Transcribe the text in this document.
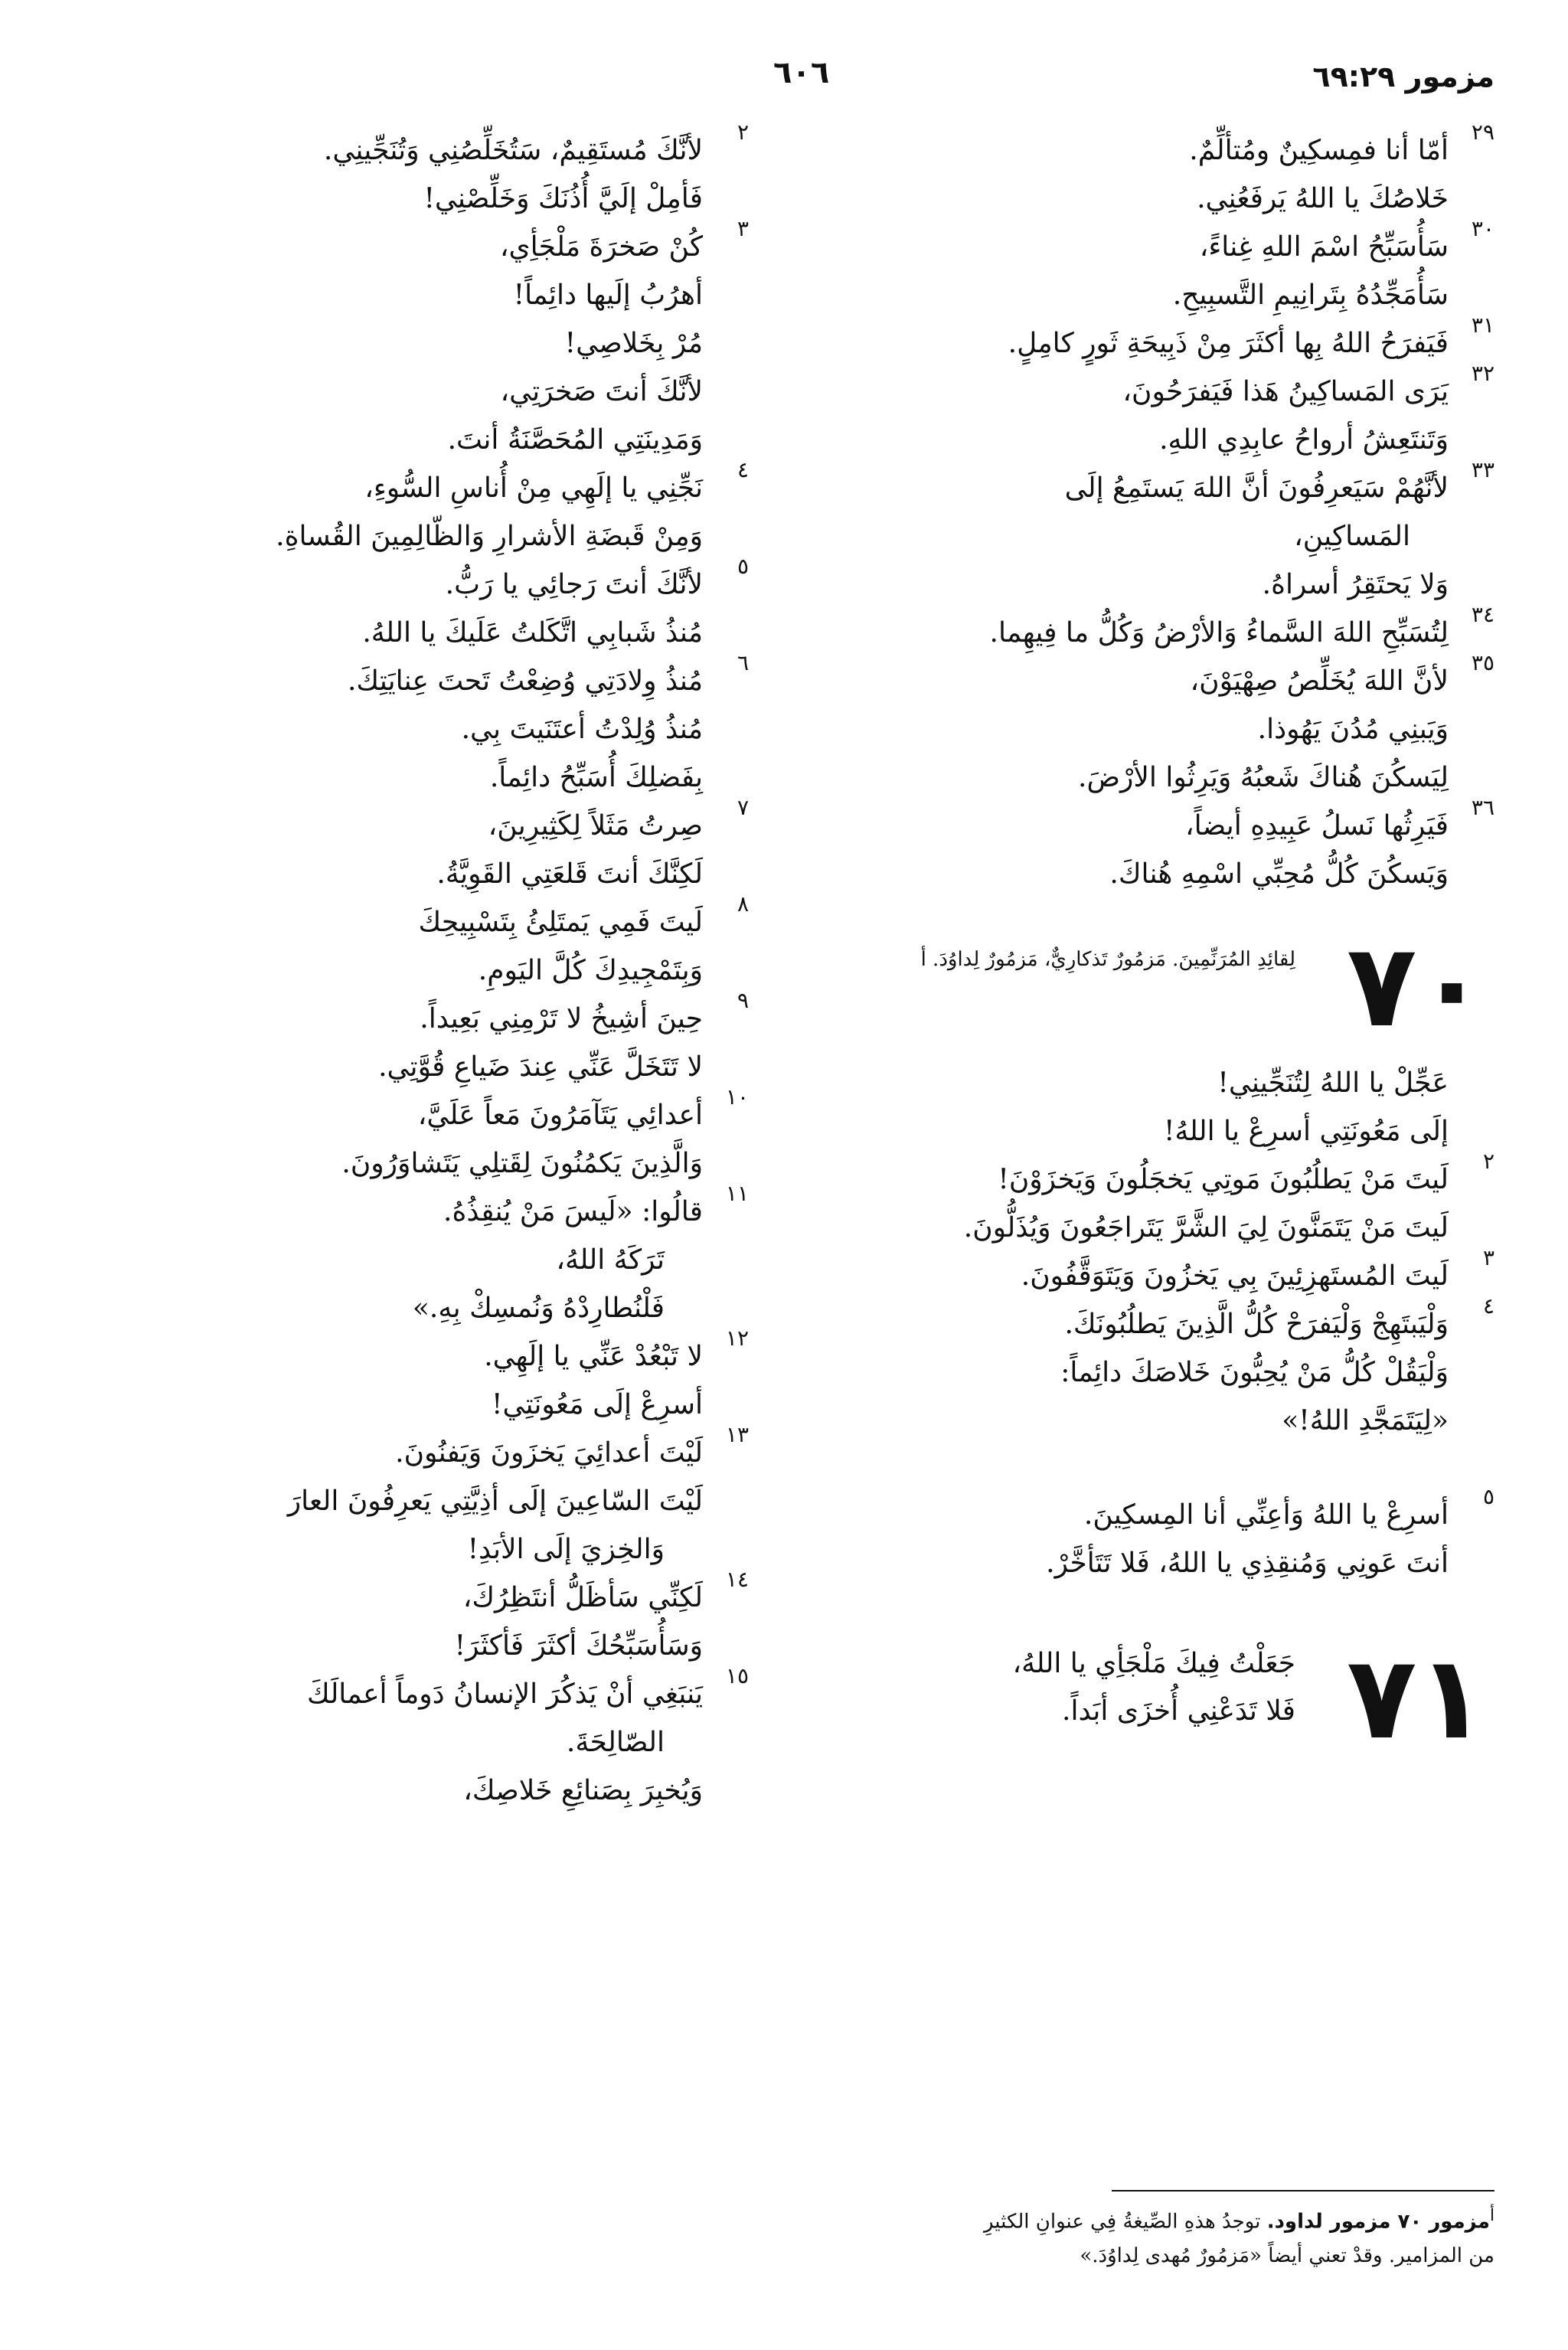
مزمور ٦٩:٢٩
٦٠٦
٢٩
أمّا أنا فمِسكِينٌ ومُتألِّمٌ.
خَلاصُكَ يا اللهُ يَرفَعُنِي.
٣٠
سَأُسَبِّحُ اسْمَ اللهِ غِناءً،
سَأُمَجِّدُهُ بِتَرانِيمِ التَّسبِيحِ.
٣١
فَيَفرَحُ اللهُ بِها أكثَرَ مِنْ ذَبِيحَةِ ثَورٍ كامِلٍ.
٣٢
يَرَى المَساكِينُ هَذا فَيَفرَحُونَ،
وَتَنتَعِشُ أرواحُ عابِدِي اللهِ.
٣٣
لأنَّهُمْ سَيَعرِفُونَ أنَّ اللهَ يَستَمِعُ إلَى
المَساكِينِ،
وَلا يَحتَقِرُ أسراهُ.
٣٤
لِتُسَبِّحِ اللهَ السَّماءُ وَالأرْضُ وَكُلُّ ما فِيهِما.
٣٥
لأنَّ اللهَ يُخَلِّصُ صِهْيَوْنَ،
وَيَبنِي مُدُنَ يَهُوذا.
لِيَسكُنَ هُناكَ شَعبُهُ وَيَرِثُوا الأرْضَ.
٣٦
فَيَرِثُها نَسلُ عَبِيدِهِ أيضاً،
وَيَسكُنَ كُلُّ مُحِبِّي اسْمِهِ هُناكَ.
٧٠
لِقائِدِ المُرَنِّمِينَ. مَزمُورٌ تَذكارِيٌّ، مَزمُورٌ لِداوُدَ. أ
عَجِّلْ يا اللهُ لِتُنَجِّينِي!
إلَى مَعُونَتِي أسرِعْ يا اللهُ!
٢
لَيتَ مَنْ يَطلُبُونَ مَوتِي يَخجَلُونَ وَيَخزَوْنَ!
لَيتَ مَنْ يَتَمَنَّونَ لِيَ الشَّرَّ يَتَراجَعُونَ وَيُذَلُّونَ.
٣
لَيتَ المُستَهزِئِينَ بِي يَخزُونَ وَيَتَوَقَّفُونَ.
٤
وَلْيَبتَهِجْ وَلْيَفرَحْ كُلُّ الَّذِينَ يَطلُبُونَكَ.
وَلْيَقُلْ كُلُّ مَنْ يُحِبُّونَ خَلاصَكَ دائِماً:
«لِيَتَمَجَّدِ اللهُ!»
٥
أسرِعْ يا اللهُ وَأعِنِّي أنا المِسكِينَ.
أنتَ عَونِي وَمُنقِذِي يا اللهُ، فَلا تَتَأخَّرْ.
٧١
جَعَلْتُ فِيكَ مَلْجَأِي يا اللهُ،
فَلا تَدَعْنِي أُخزَى أبَداً.
$^أ$مزمور ٧٠ مزمور لداود. توجدُ هذهِ الصِّيغةُ فِي عنوانِ الكثيرِ
من المزامير. وقدْ تعني أيضاً «مَزمُورٌ مُهدى لِداوُدَ.»
٢
لأنَّكَ مُستَقِيمٌ، سَتُخَلِّصُنِي وَتُنَجِّينِي.
فَأمِلْ إلَيَّ أُذُنَكَ وَخَلِّصْنِي!
٣
كُنْ صَخرَةَ مَلْجَأِي،
أهرُبُ إلَيها دائِماً!
مُرْ بِخَلاصِي!
لأنَّكَ أنتَ صَخرَتِي،
وَمَدِينَتِي المُحَصَّنَةُ أنتَ.
٤
نَجِّنِي يا إلَهِي مِنْ أُناسِ السُّوءِ،
وَمِنْ قَبضَةِ الأشرارِ وَالظّالِمِينَ القُساةِ.
٥
لأنَّكَ أنتَ رَجائِي يا رَبُّ.
مُنذُ شَبابِي اتَّكَلتُ عَلَيكَ يا اللهُ.
٦
مُنذُ وِلادَتِي وُضِعْتُ تَحتَ عِنايَتِكَ.
مُنذُ وُلِدْتُ أعتَنَيتَ بِي.
بِفَضلِكَ أُسَبِّحُ دائِماً.
٧
صِرتُ مَثَلاً لِكَثِيرِينَ،
لَكِنَّكَ أنتَ قَلعَتِي القَوِيَّةُ.
٨
لَيتَ فَمِي يَمتَلِئُ بِتَسْبِيحِكَ
وَبِتَمْجِيدِكَ كُلَّ اليَومِ.
٩
حِينَ أشِيخُ لا تَرْمِنِي بَعِيداً.
لا تَتَخَلَّ عَنِّي عِندَ ضَياعِ قُوَّتِي.
١٠
أعدائِي يَتَآمَرُونَ مَعاً عَلَيَّ،
وَالَّذِينَ يَكمُنُونَ لِقَتلِي يَتَشاوَرُونَ.
١١
قالُوا: «لَيسَ مَنْ يُنقِذُهُ.
تَرَكَهُ اللهُ،
فَلْنُطارِدْهُ وَنُمسِكْ بِهِ.»
١٢
لا تَبْعُدْ عَنِّي يا إلَهِي.
أسرِعْ إلَى مَعُونَتِي!
١٣
لَيْتَ أعدائِيَ يَخزَونَ وَيَفنُونَ.
لَيْتَ السّاعِينَ إلَى أذِيَّتِي يَعرِفُونَ العارَ
وَالخِزيَ إلَى الأبَدِ!
١٤
لَكِنِّي سَأظَلُّ أنتَظِرُكَ،
وَسَأُسَبِّحُكَ أكثَرَ فَأكثَرَ!
١٥
يَنبَغِي أنْ يَذكُرَ الإنسانُ دَوماً أعمالَكَ
الصّالِحَةَ.
وَيُخبِرَ بِصَنائِعِ خَلاصِكَ،
